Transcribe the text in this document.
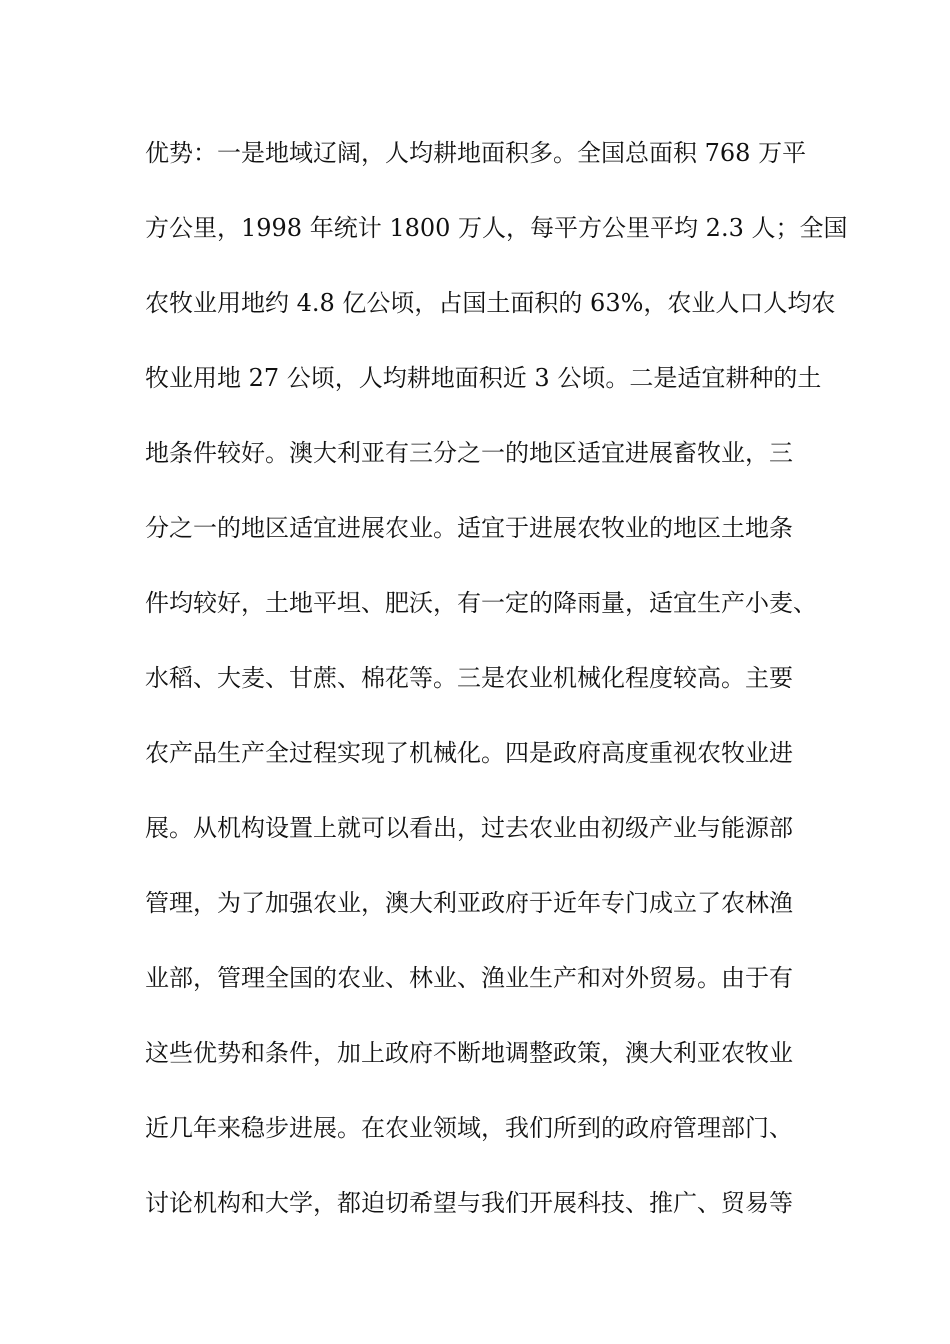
优势：一是地域辽阔，人均耕地面积多。全国总面积 768 万平
方公里，1998 年统计 1800 万人，每平方公里平均 2.3 人；全国
农牧业用地约 4.8 亿公顷，占国土面积的 63%，农业人口人均农
牧业用地 27 公顷，人均耕地面积近 3 公顷。二是适宜耕种的土
地条件较好。澳大利亚有三分之一的地区适宜进展畜牧业，三
分之一的地区适宜进展农业。适宜于进展农牧业的地区土地条
件均较好，土地平坦、肥沃，有一定的降雨量，适宜生产小麦、
水稻、大麦、甘蔗、棉花等。三是农业机械化程度较高。主要
农产品生产全过程实现了机械化。四是政府高度重视农牧业进
展。从机构设置上就可以看出，过去农业由初级产业与能源部
管理，为了加强农业，澳大利亚政府于近年专门成立了农林渔
业部，管理全国的农业、林业、渔业生产和对外贸易。由于有
这些优势和条件，加上政府不断地调整政策，澳大利亚农牧业
近几年来稳步进展。在农业领域，我们所到的政府管理部门、
讨论机构和大学，都迫切希望与我们开展科技、推广、贸易等
